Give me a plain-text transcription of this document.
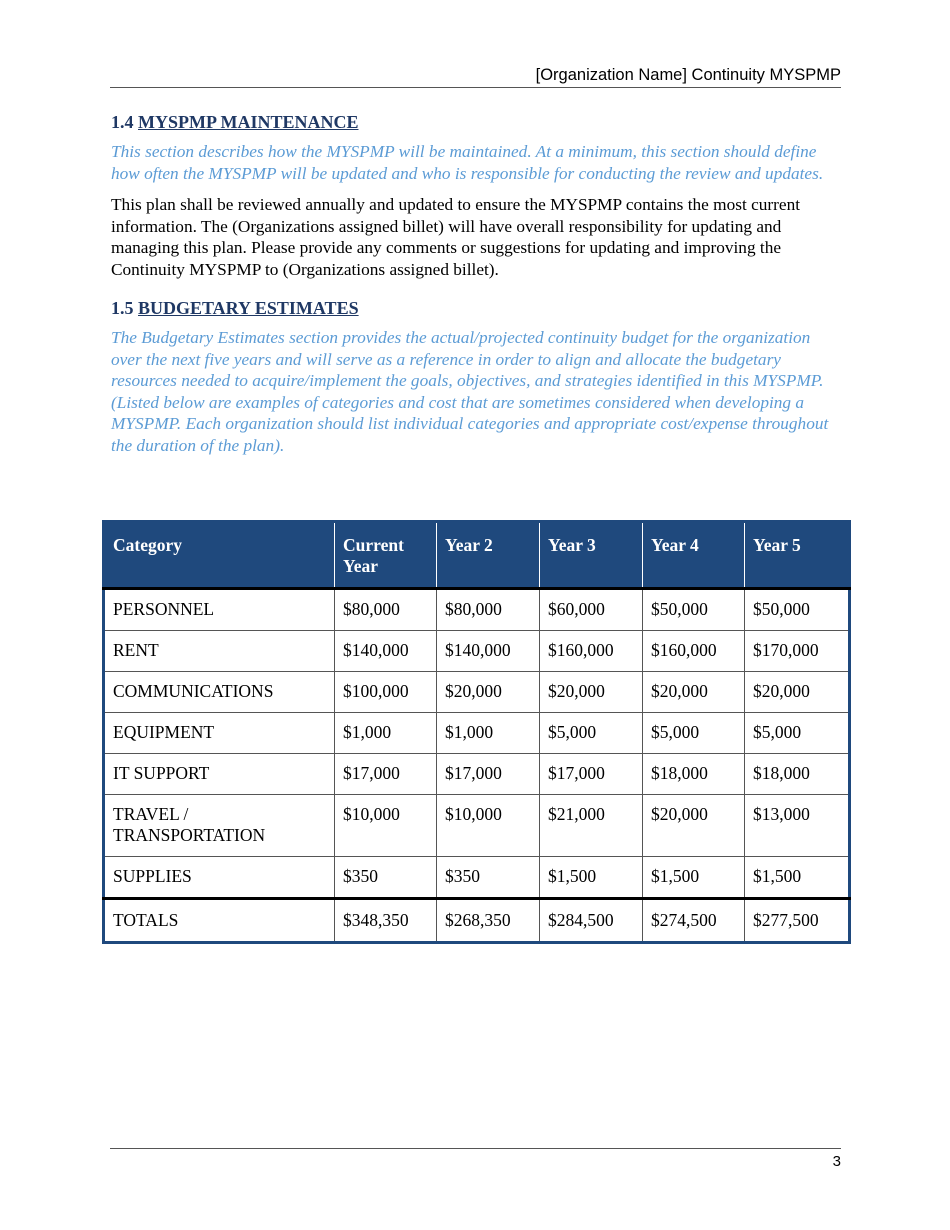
[Organization Name] Continuity MYSPMP
1.4 MYSPMP MAINTENANCE

This section describes how the MYSPMP will be maintained. At a minimum, this section should define how often the MYSPMP will be updated and who is responsible for conducting the review and updates.

This plan shall be reviewed annually and updated to ensure the MYSPMP contains the most current information. The (Organizations assigned billet) will have overall responsibility for updating and managing this plan. Please provide any comments or suggestions for updating and improving the Continuity MYSPMP to (Organizations assigned billet).

1.5 BUDGETARY ESTIMATES

The Budgetary Estimates section provides the actual/projected continuity budget for the organization over the next five years and will serve as a reference in order to align and allocate the budgetary resources needed to acquire/implement the goals, objectives, and strategies identified in this MYSPMP. (Listed below are examples of categories and cost that are sometimes considered when developing a MYSPMP. Each organization should list individual categories and appropriate cost/expense throughout the duration of the plan).

Category	Current Year	Year 2	Year 3	Year 4	Year 5
PERSONNEL	$80,000	$80,000	$60,000	$50,000	$50,000
RENT	$140,000	$140,000	$160,000	$160,000	$170,000
COMMUNICATIONS	$100,000	$20,000	$20,000	$20,000	$20,000
EQUIPMENT	$1,000	$1,000	$5,000	$5,000	$5,000
IT SUPPORT	$17,000	$17,000	$17,000	$18,000	$18,000
TRAVEL / TRANSPORTATION	$10,000	$10,000	$21,000	$20,000	$13,000
SUPPLIES	$350	$350	$1,500	$1,500	$1,500
TOTALS	$348,350	$268,350	$284,500	$274,500	$277,500
3
